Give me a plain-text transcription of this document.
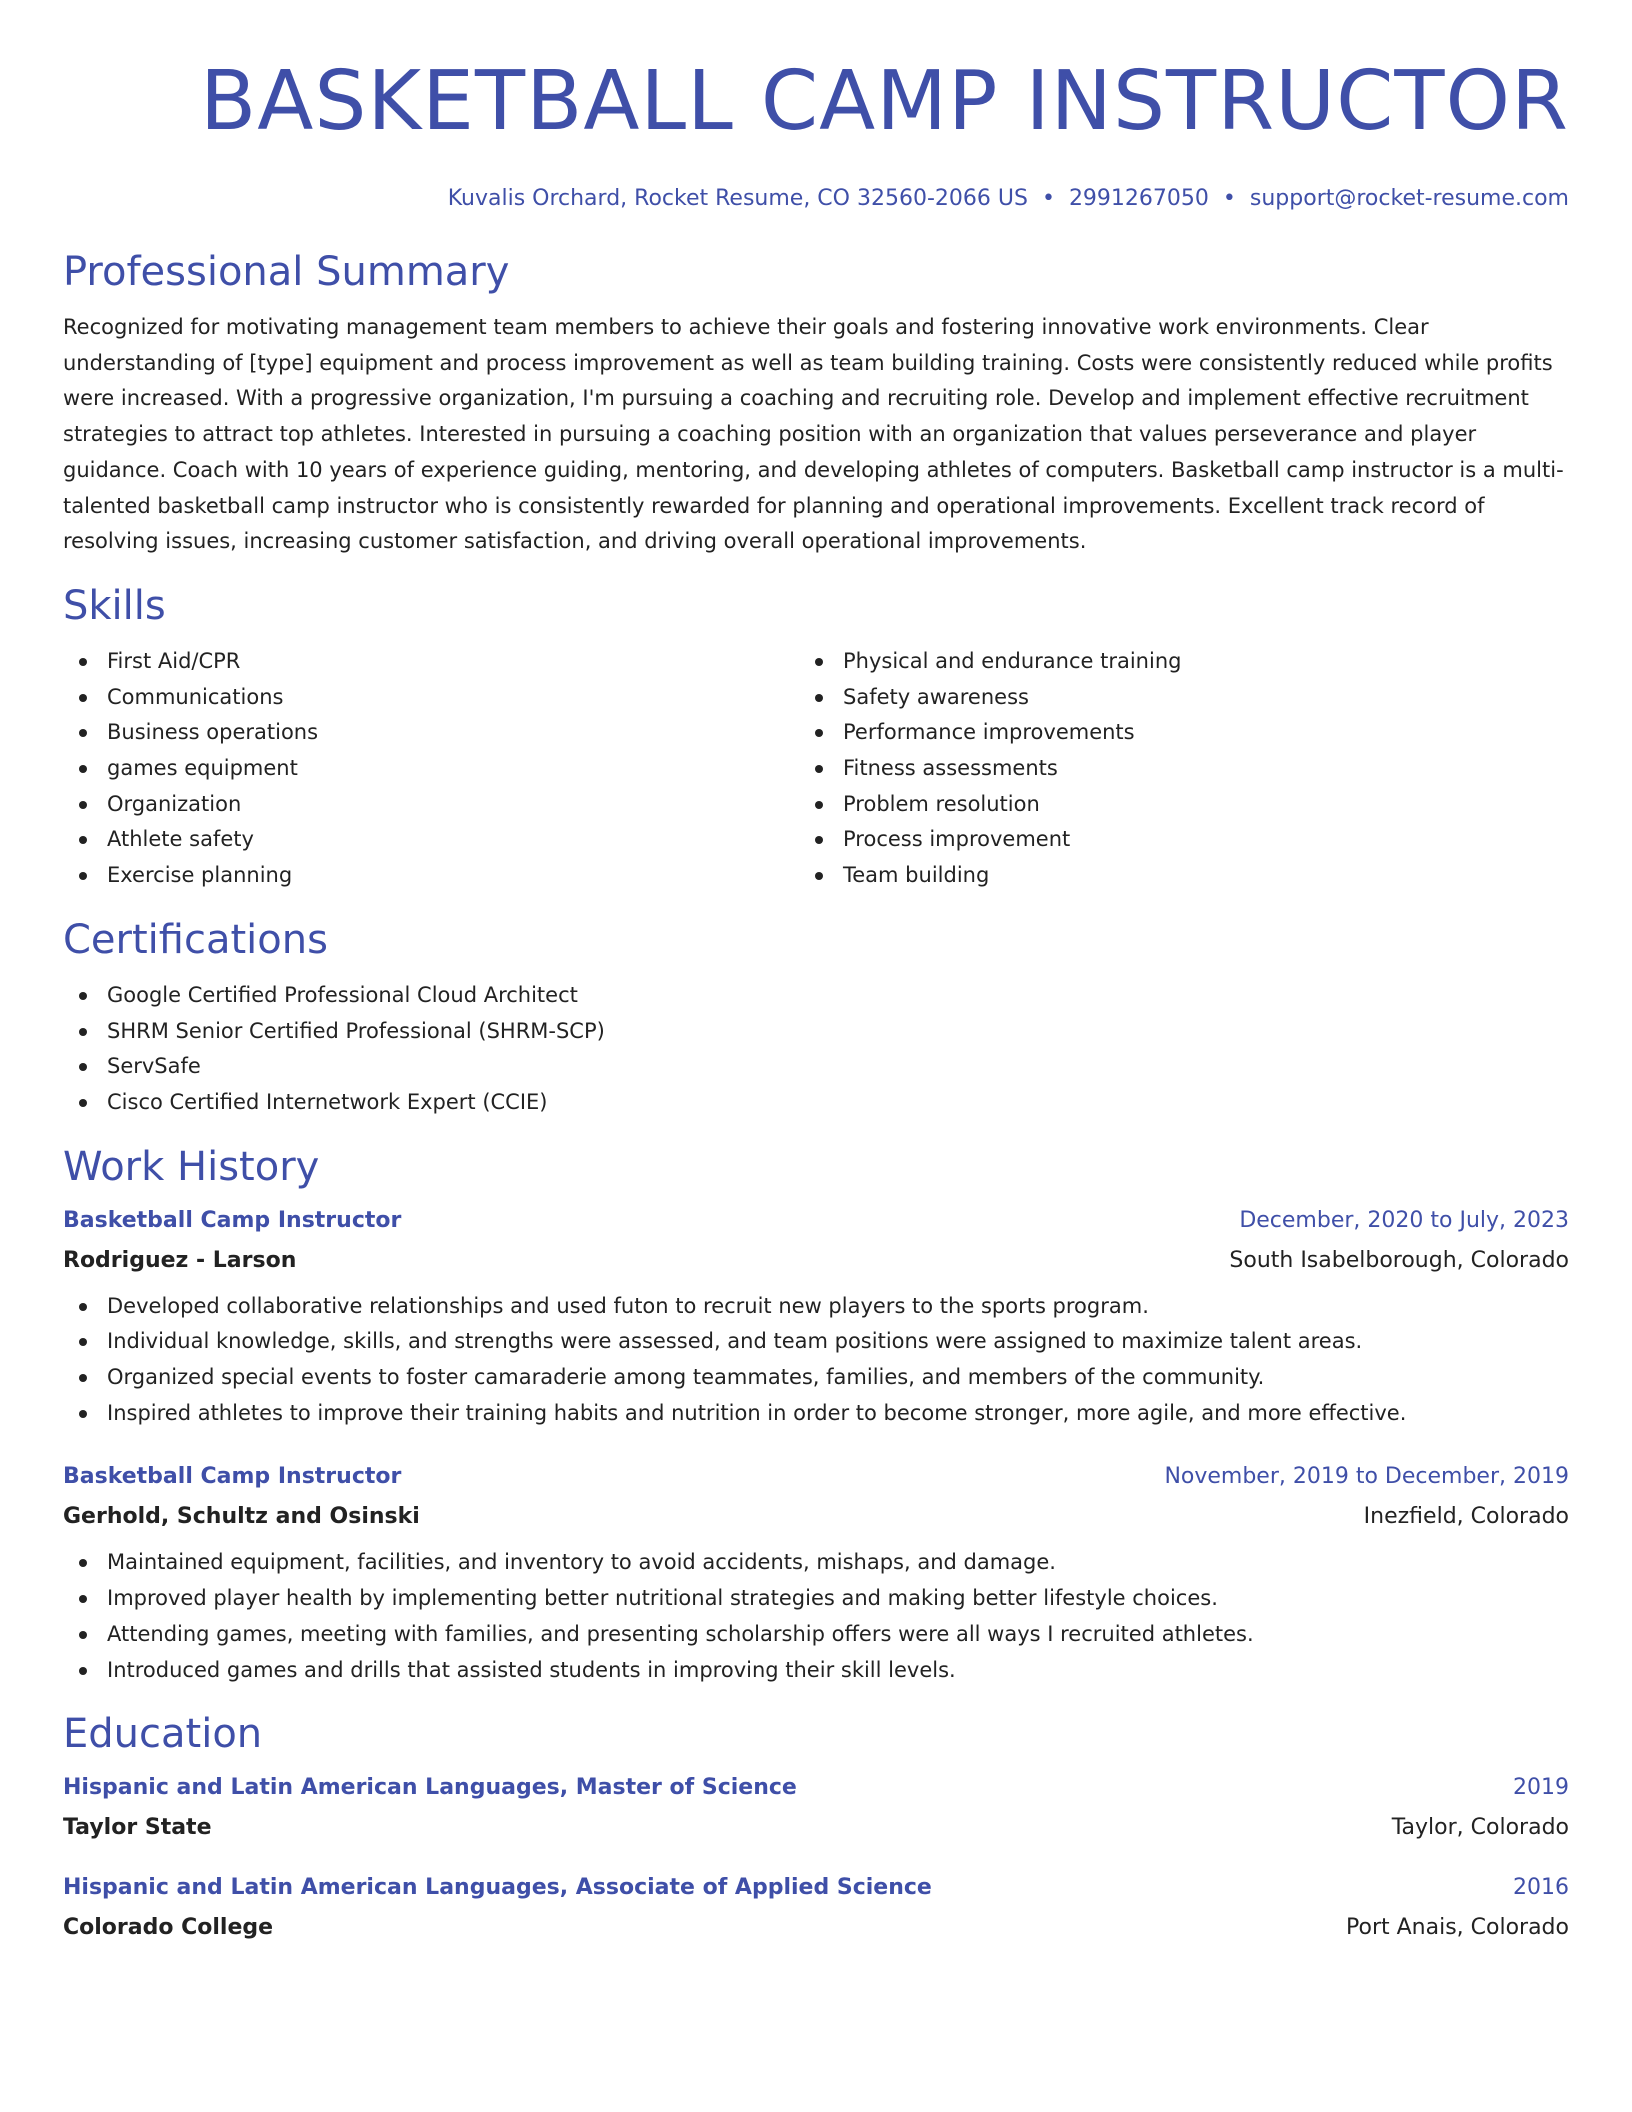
BASKETBALL CAMP INSTRUCTOR
Kuvalis Orchard, Rocket Resume, CO 32560-2066 US • 2991267050 • support@rocket-resume.com
Professional Summary

Recognized for motivating management team members to achieve their goals and fostering innovative work environments. Clear understanding of [type] equipment and process improvement as well as team building training. Costs were consistently reduced while profits were increased. With a progressive organization, I'm pursuing a coaching and recruiting role. Develop and implement effective recruitment strategies to attract top athletes. Interested in pursuing a coaching position with an organization that values perseverance and player guidance. Coach with 10 years of experience guiding, mentoring, and developing athletes of computers. Basketball camp instructor is a multi-talented basketball camp instructor who is consistently rewarded for planning and operational improvements. Excellent track record of resolving issues, increasing customer satisfaction, and driving overall operational improvements.

Skills
First Aid/CPR
Communications
Business operations
games equipment
Organization
Athlete safety
Exercise planning
Physical and endurance training
Safety awareness
Performance improvements
Fitness assessments
Problem resolution
Process improvement
Team building
Certifications
Google Certified Professional Cloud Architect
SHRM Senior Certified Professional (SHRM-SCP)
ServSafe
Cisco Certified Internetwork Expert (CCIE)
Work History
Basketball Camp Instructor	December, 2020 to July, 2023
Rodriguez - Larson	South Isabelborough, Colorado
Developed collaborative relationships and used futon to recruit new players to the sports program.
Individual knowledge, skills, and strengths were assessed, and team positions were assigned to maximize talent areas.
Organized special events to foster camaraderie among teammates, families, and members of the community.
Inspired athletes to improve their training habits and nutrition in order to become stronger, more agile, and more effective.
Basketball Camp Instructor	November, 2019 to December, 2019
Gerhold, Schultz and Osinski	Inezfield, Colorado
Maintained equipment, facilities, and inventory to avoid accidents, mishaps, and damage.
Improved player health by implementing better nutritional strategies and making better lifestyle choices.
Attending games, meeting with families, and presenting scholarship offers were all ways I recruited athletes.
Introduced games and drills that assisted students in improving their skill levels.
Education
Hispanic and Latin American Languages, Master of Science	2019
Taylor State	Taylor, Colorado
Hispanic and Latin American Languages, Associate of Applied Science	2016
Colorado College	Port Anais, Colorado
